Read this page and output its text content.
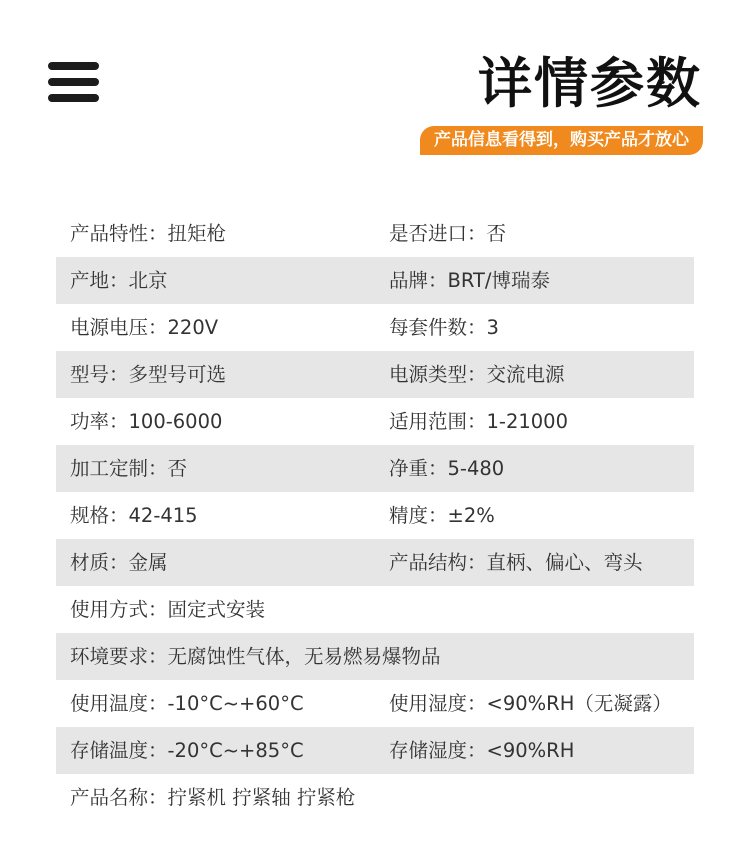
详情参数
产品信息看得到，购买产品才放心
产品特性：扭矩枪	是否进口：否
产地：北京	品牌：BRT/博瑞泰
电源电压：220V	每套件数：3
型号：多型号可选	电源类型：交流电源
功率：100-6000	适用范围：1-21000
加工定制：否	净重：5-480
规格：42-415	精度：±2%
材质：金属	产品结构：直柄、偏心、弯头
使用方式：固定式安装
环境要求：无腐蚀性气体，无易燃易爆物品
使用温度：-10°C~+60°C	使用湿度：<90%RH（无凝露）
存储温度：-20°C~+85°C	存储湿度：<90%RH
产品名称：拧紧机 拧紧轴 拧紧枪
